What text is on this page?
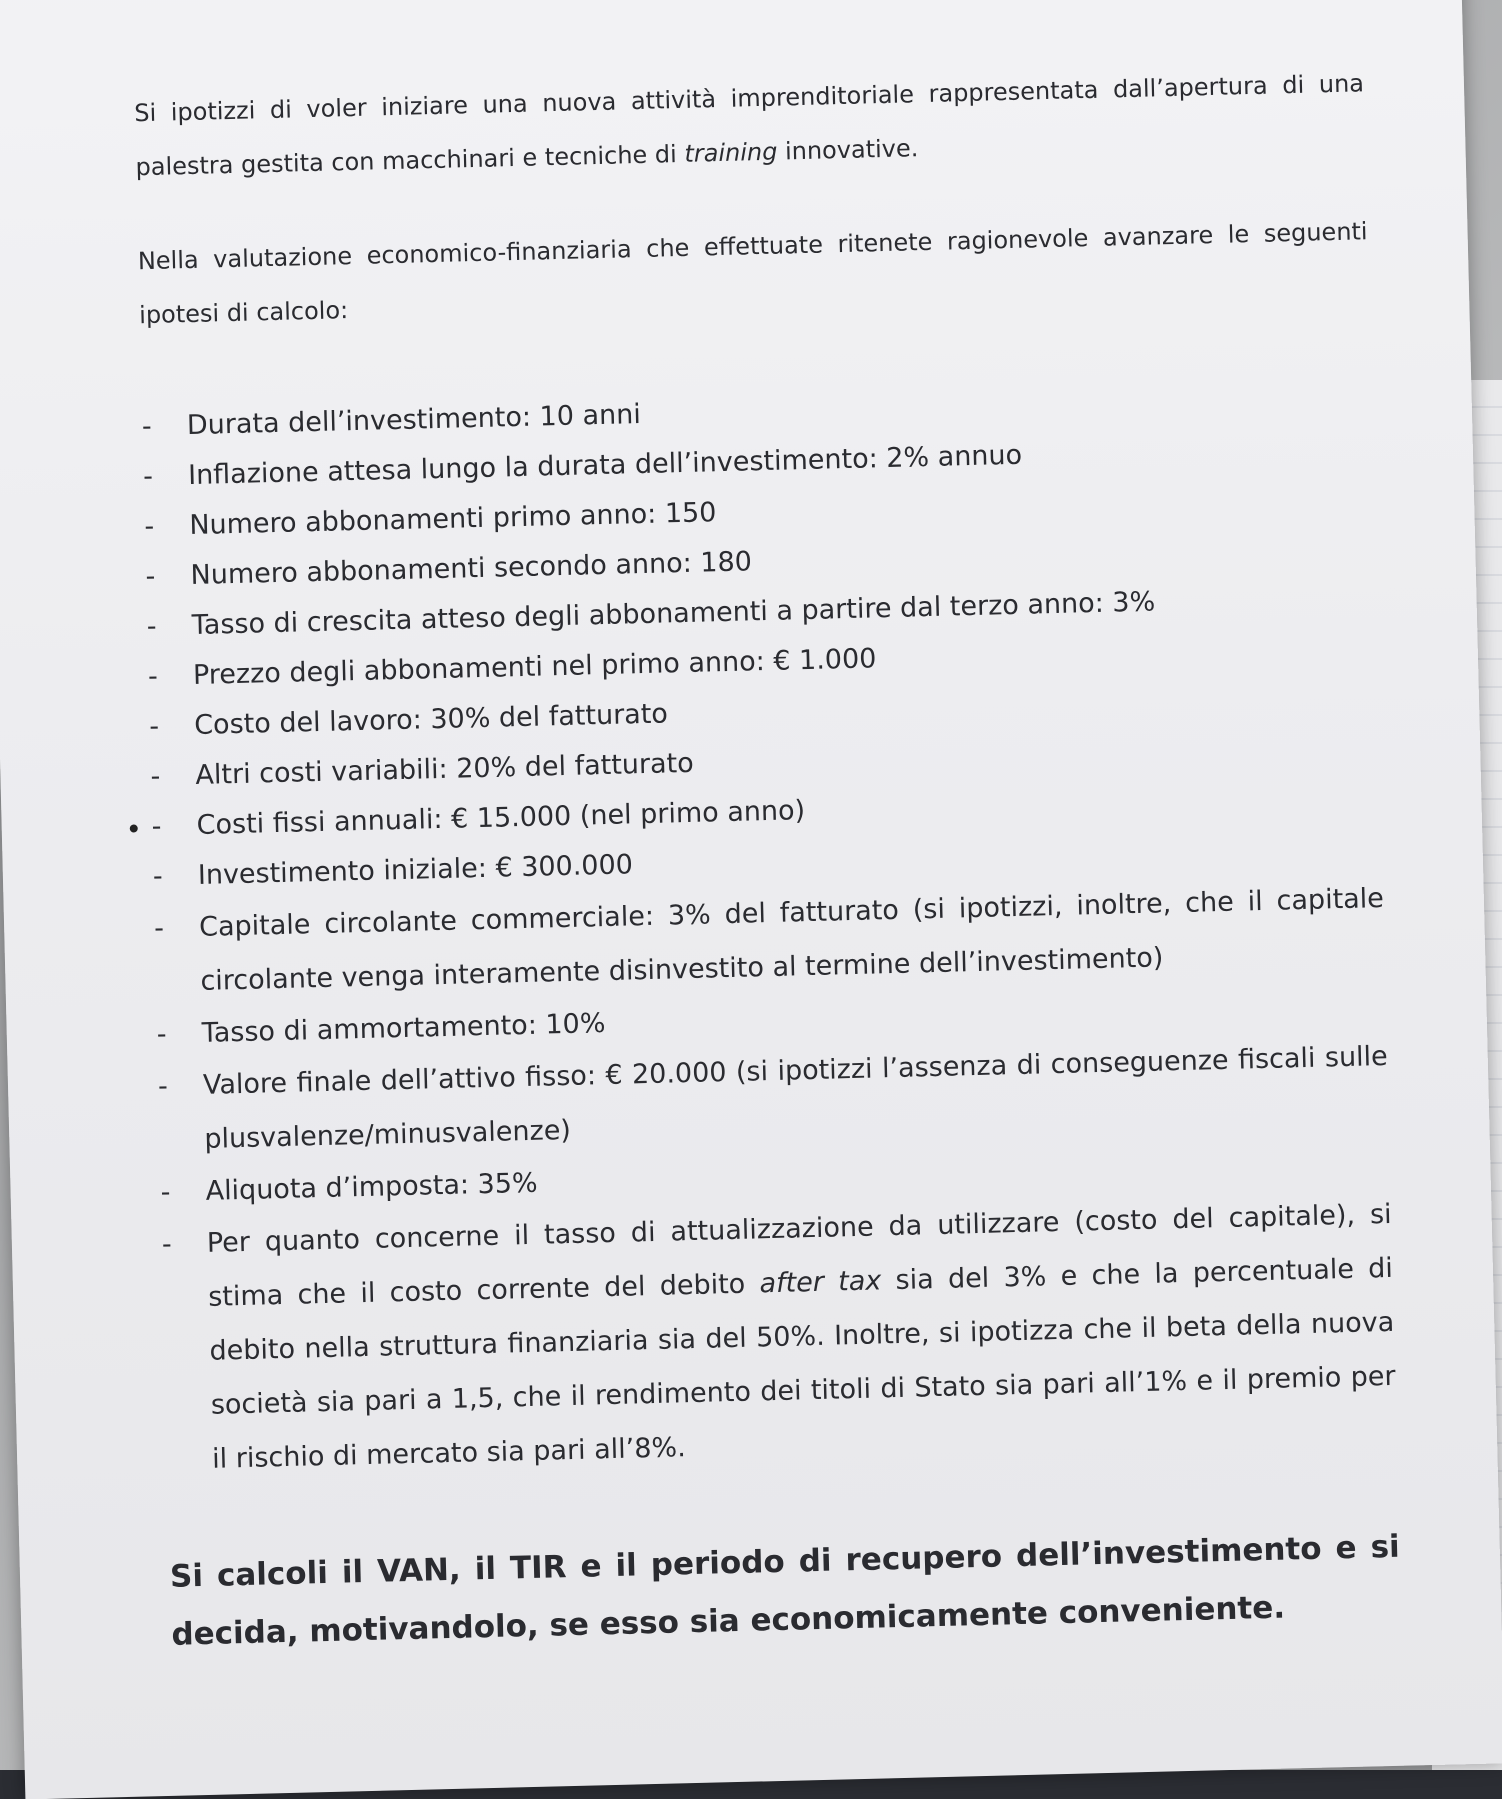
Si ipotizzi di voler iniziare una nuova attività imprenditoriale rappresentata dall’apertura di una palestra gestita con macchinari e tecniche di training innovative.

Nella valutazione economico-finanziaria che effettuate ritenete ragionevole avanzare le seguenti ipotesi di calcolo:

- Durata dell’investimento: 10 anni
- Inflazione attesa lungo la durata dell’investimento: 2% annuo
- Numero abbonamenti primo anno: 150
- Numero abbonamenti secondo anno: 180
- Tasso di crescita atteso degli abbonamenti a partire dal terzo anno: 3%
- Prezzo degli abbonamenti nel primo anno: € 1.000
- Costo del lavoro: 30% del fatturato
- Altri costi variabili: 20% del fatturato
- Costi fissi annuali: € 15.000 (nel primo anno)
- Investimento iniziale: € 300.000
- Capitale circolante commerciale: 3% del fatturato (si ipotizzi, inoltre, che il capitale circolante venga interamente disinvestito al termine dell’investimento)
- Tasso di ammortamento: 10%
- Valore finale dell’attivo fisso: € 20.000 (si ipotizzi l’assenza di conseguenze fiscali sulle plusvalenze/minusvalenze)
- Aliquota d’imposta: 35%
- Per quanto concerne il tasso di attualizzazione da utilizzare (costo del capitale), si stima che il costo corrente del debito after tax sia del 3% e che la percentuale di debito nella struttura finanziaria sia del 50%. Inoltre, si ipotizza che il beta della nuova società sia pari a 1,5, che il rendimento dei titoli di Stato sia pari all’1% e il premio per il rischio di mercato sia pari all’8%.

Si calcoli il VAN, il TIR e il periodo di recupero dell’investimento e si decida, motivandolo, se esso sia economicamente conveniente.
